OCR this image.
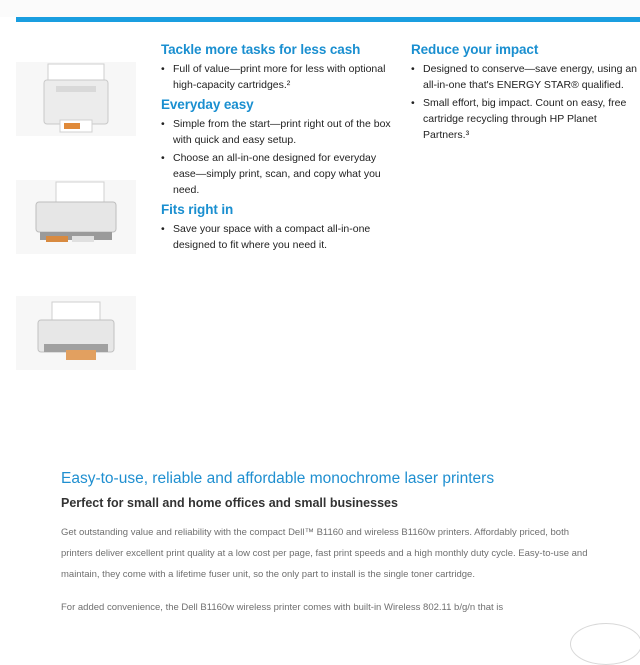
Tackle more tasks for less cash
• Full of value—print more for less with optional high-capacity cartridges.²
Everyday easy
• Simple from the start—print right out of the box with quick and easy setup.
• Choose an all-in-one designed for everyday ease—simply print, scan, and copy what you need.
Fits right in
• Save your space with a compact all-in-one designed to fit where you need it.
Reduce your impact
• Designed to conserve—save energy, using an all-in-one that's ENERGY STAR® qualified.
• Small effort, big impact. Count on easy, free cartridge recycling through HP Planet Partners.³
Easy-to-use, reliable and affordable monochrome laser printers
Perfect for small and home offices and small businesses

Get outstanding value and reliability with the compact Dell™ B1160 and wireless B1160w printers. Affordably priced, both printers deliver excellent print quality at a low cost per page, fast print speeds and a high monthly duty cycle. Easy-to-use and maintain, they come with a lifetime fuser unit, so the only part to install is the single toner cartridge.

For added convenience, the Dell B1160w wireless printer comes with built-in Wireless 802.11 b/g/n that is
